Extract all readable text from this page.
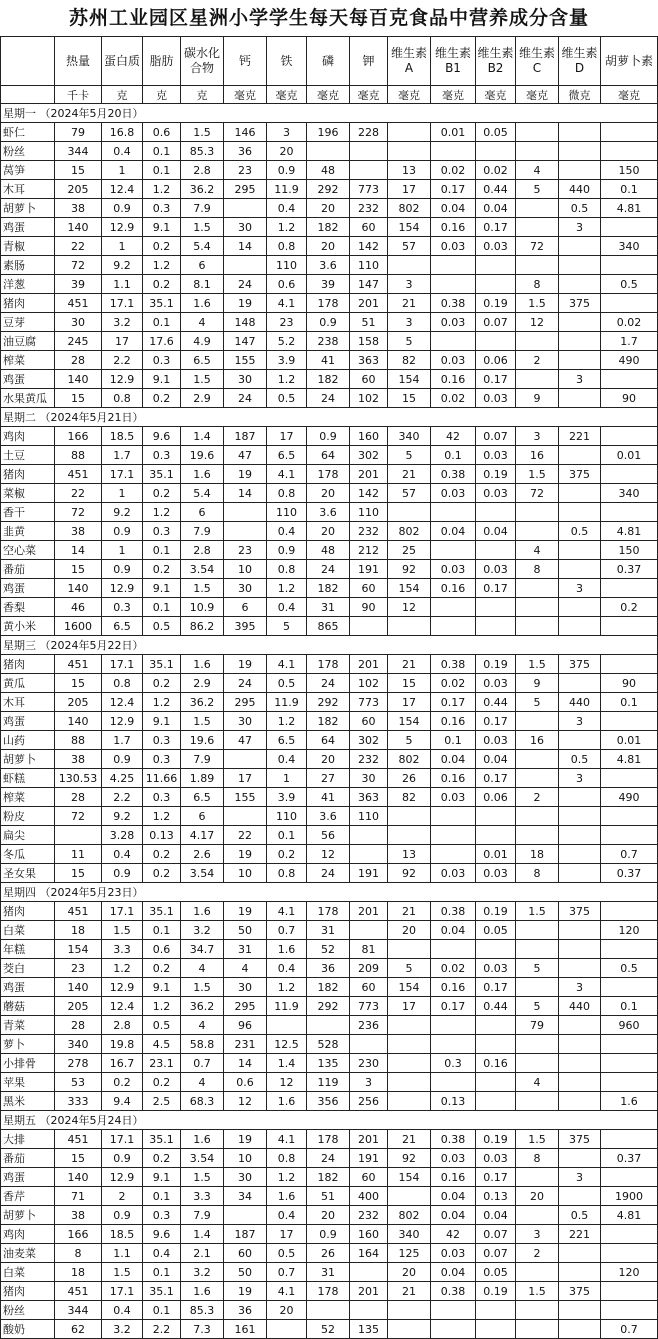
苏州工业园区星洲小学学生每天每百克食品中营养成分含量
	热量	蛋白质	脂肪	碳水化合物	钙	铁	磷	钾	维生素A	维生素B1	维生素B2	维生素C	维生素D	胡萝卜素
	千卡	克	克	克	毫克	毫克	毫克	毫克	毫克	毫克	毫克	毫克	微克	毫克
星期一 （2024年5月20日）														
虾仁	79	16.8	0.6	1.5	146	3	196	228		0.01	0.05			
粉丝	344	0.4	0.1	85.3	36	20								
莴笋	15	1	0.1	2.8	23	0.9	48		13	0.02	0.02	4		150
木耳	205	12.4	1.2	36.2	295	11.9	292	773	17	0.17	0.44	5	440	0.1
胡萝卜	38	0.9	0.3	7.9		0.4	20	232	802	0.04	0.04		0.5	4.81
鸡蛋	140	12.9	9.1	1.5	30	1.2	182	60	154	0.16	0.17		3	
青椒	22	1	0.2	5.4	14	0.8	20	142	57	0.03	0.03	72		340
素肠	72	9.2	1.2	6		110	3.6	110						
洋葱	39	1.1	0.2	8.1	24	0.6	39	147	3			8		0.5
猪肉	451	17.1	35.1	1.6	19	4.1	178	201	21	0.38	0.19	1.5	375	
豆芽	30	3.2	0.1	4	148	23	0.9	51	3	0.03	0.07	12		0.02
油豆腐	245	17	17.6	4.9	147	5.2	238	158	5					1.7
榨菜	28	2.2	0.3	6.5	155	3.9	41	363	82	0.03	0.06	2		490
鸡蛋	140	12.9	9.1	1.5	30	1.2	182	60	154	0.16	0.17		3	
水果黄瓜	15	0.8	0.2	2.9	24	0.5	24	102	15	0.02	0.03	9		90
星期二 （2024年5月21日）														
鸡肉	166	18.5	9.6	1.4	187	17	0.9	160	340	42	0.07	3	221	
土豆	88	1.7	0.3	19.6	47	6.5	64	302	5	0.1	0.03	16		0.01
猪肉	451	17.1	35.1	1.6	19	4.1	178	201	21	0.38	0.19	1.5	375	
菜椒	22	1	0.2	5.4	14	0.8	20	142	57	0.03	0.03	72		340
香干	72	9.2	1.2	6		110	3.6	110						
韭黄	38	0.9	0.3	7.9		0.4	20	232	802	0.04	0.04		0.5	4.81
空心菜	14	1	0.1	2.8	23	0.9	48	212	25			4		150
番茄	15	0.9	0.2	3.54	10	0.8	24	191	92	0.03	0.03	8		0.37
鸡蛋	140	12.9	9.1	1.5	30	1.2	182	60	154	0.16	0.17		3	
香梨	46	0.3	0.1	10.9	6	0.4	31	90	12					0.2
黄小米	1600	6.5	0.5	86.2	395	5	865							
星期三 （2024年5月22日）														
猪肉	451	17.1	35.1	1.6	19	4.1	178	201	21	0.38	0.19	1.5	375	
黄瓜	15	0.8	0.2	2.9	24	0.5	24	102	15	0.02	0.03	9		90
木耳	205	12.4	1.2	36.2	295	11.9	292	773	17	0.17	0.44	5	440	0.1
鸡蛋	140	12.9	9.1	1.5	30	1.2	182	60	154	0.16	0.17		3	
山药	88	1.7	0.3	19.6	47	6.5	64	302	5	0.1	0.03	16		0.01
胡萝卜	38	0.9	0.3	7.9		0.4	20	232	802	0.04	0.04		0.5	4.81
虾糕	130.53	4.25	11.66	1.89	17	1	27	30	26	0.16	0.17		3	
榨菜	28	2.2	0.3	6.5	155	3.9	41	363	82	0.03	0.06	2		490
粉皮	72	9.2	1.2	6		110	3.6	110						
扁尖		3.28	0.13	4.17	22	0.1	56							
冬瓜	11	0.4	0.2	2.6	19	0.2	12		13		0.01	18		0.7
圣女果	15	0.9	0.2	3.54	10	0.8	24	191	92	0.03	0.03	8		0.37
星期四 （2024年5月23日）														
猪肉	451	17.1	35.1	1.6	19	4.1	178	201	21	0.38	0.19	1.5	375	
白菜	18	1.5	0.1	3.2	50	0.7	31		20	0.04	0.05			120
年糕	154	3.3	0.6	34.7	31	1.6	52	81						
茭白	23	1.2	0.2	4	4	0.4	36	209	5	0.02	0.03	5		0.5
鸡蛋	140	12.9	9.1	1.5	30	1.2	182	60	154	0.16	0.17		3	
蘑菇	205	12.4	1.2	36.2	295	11.9	292	773	17	0.17	0.44	5	440	0.1
青菜	28	2.8	0.5	4	96			236				79		960
萝卜	340	19.8	4.5	58.8	231	12.5	528							
小排骨	278	16.7	23.1	0.7	14	1.4	135	230		0.3	0.16			
苹果	53	0.2	0.2	4	0.6	12	119	3				4		
黑米	333	9.4	2.5	68.3	12	1.6	356	256		0.13				1.6
星期五 （2024年5月24日）														
大排	451	17.1	35.1	1.6	19	4.1	178	201	21	0.38	0.19	1.5	375	
番茄	15	0.9	0.2	3.54	10	0.8	24	191	92	0.03	0.03	8		0.37
鸡蛋	140	12.9	9.1	1.5	30	1.2	182	60	154	0.16	0.17		3	
香芹	71	2	0.1	3.3	34	1.6	51	400		0.04	0.13	20		1900
胡萝卜	38	0.9	0.3	7.9		0.4	20	232	802	0.04	0.04		0.5	4.81
鸡肉	166	18.5	9.6	1.4	187	17	0.9	160	340	42	0.07	3	221	
油麦菜	8	1.1	0.4	2.1	60	0.5	26	164	125	0.03	0.07	2		
白菜	18	1.5	0.1	3.2	50	0.7	31		20	0.04	0.05			120
猪肉	451	17.1	35.1	1.6	19	4.1	178	201	21	0.38	0.19	1.5	375	
粉丝	344	0.4	0.1	85.3	36	20								
酸奶	62	3.2	2.2	7.3	161		52	135						0.7
